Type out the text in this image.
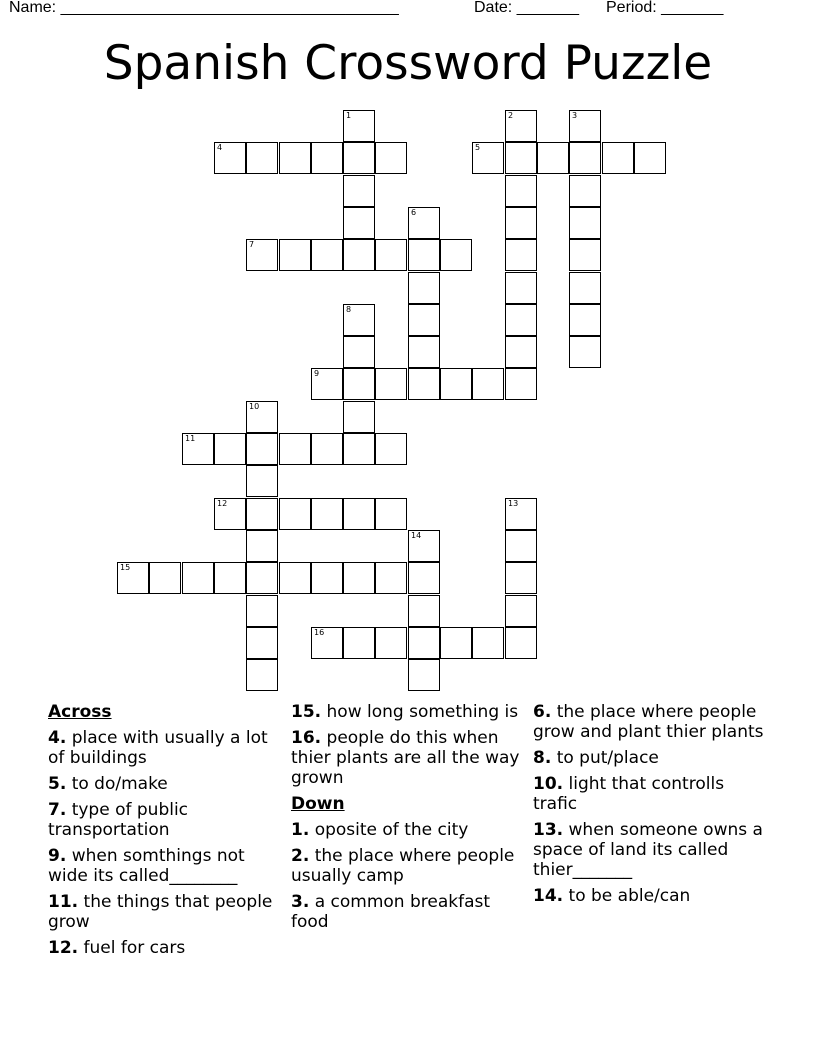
Name: ______________________________________	Date: _______ Period: _______
Spanish Crossword Puzzle
4	5
7
9
11
12
15
16
1	2	3
6
8
10
13
14
Across
4. place with usually a lot of buildings
5. to do/make
7. type of public transportation
9. when somthings not wide its called________
11. the things that people grow
12. fuel for cars
15. how long something is
16. people do this when thier plants are all the way grown
Down
1. oposite of the city
2. the place where people usually camp
3. a common breakfast food
6. the place where people grow and plant thier plants
8. to put/place
10. light that controlls trafic
13. when someone owns a space of land its called thier_______
14. to be able/can
